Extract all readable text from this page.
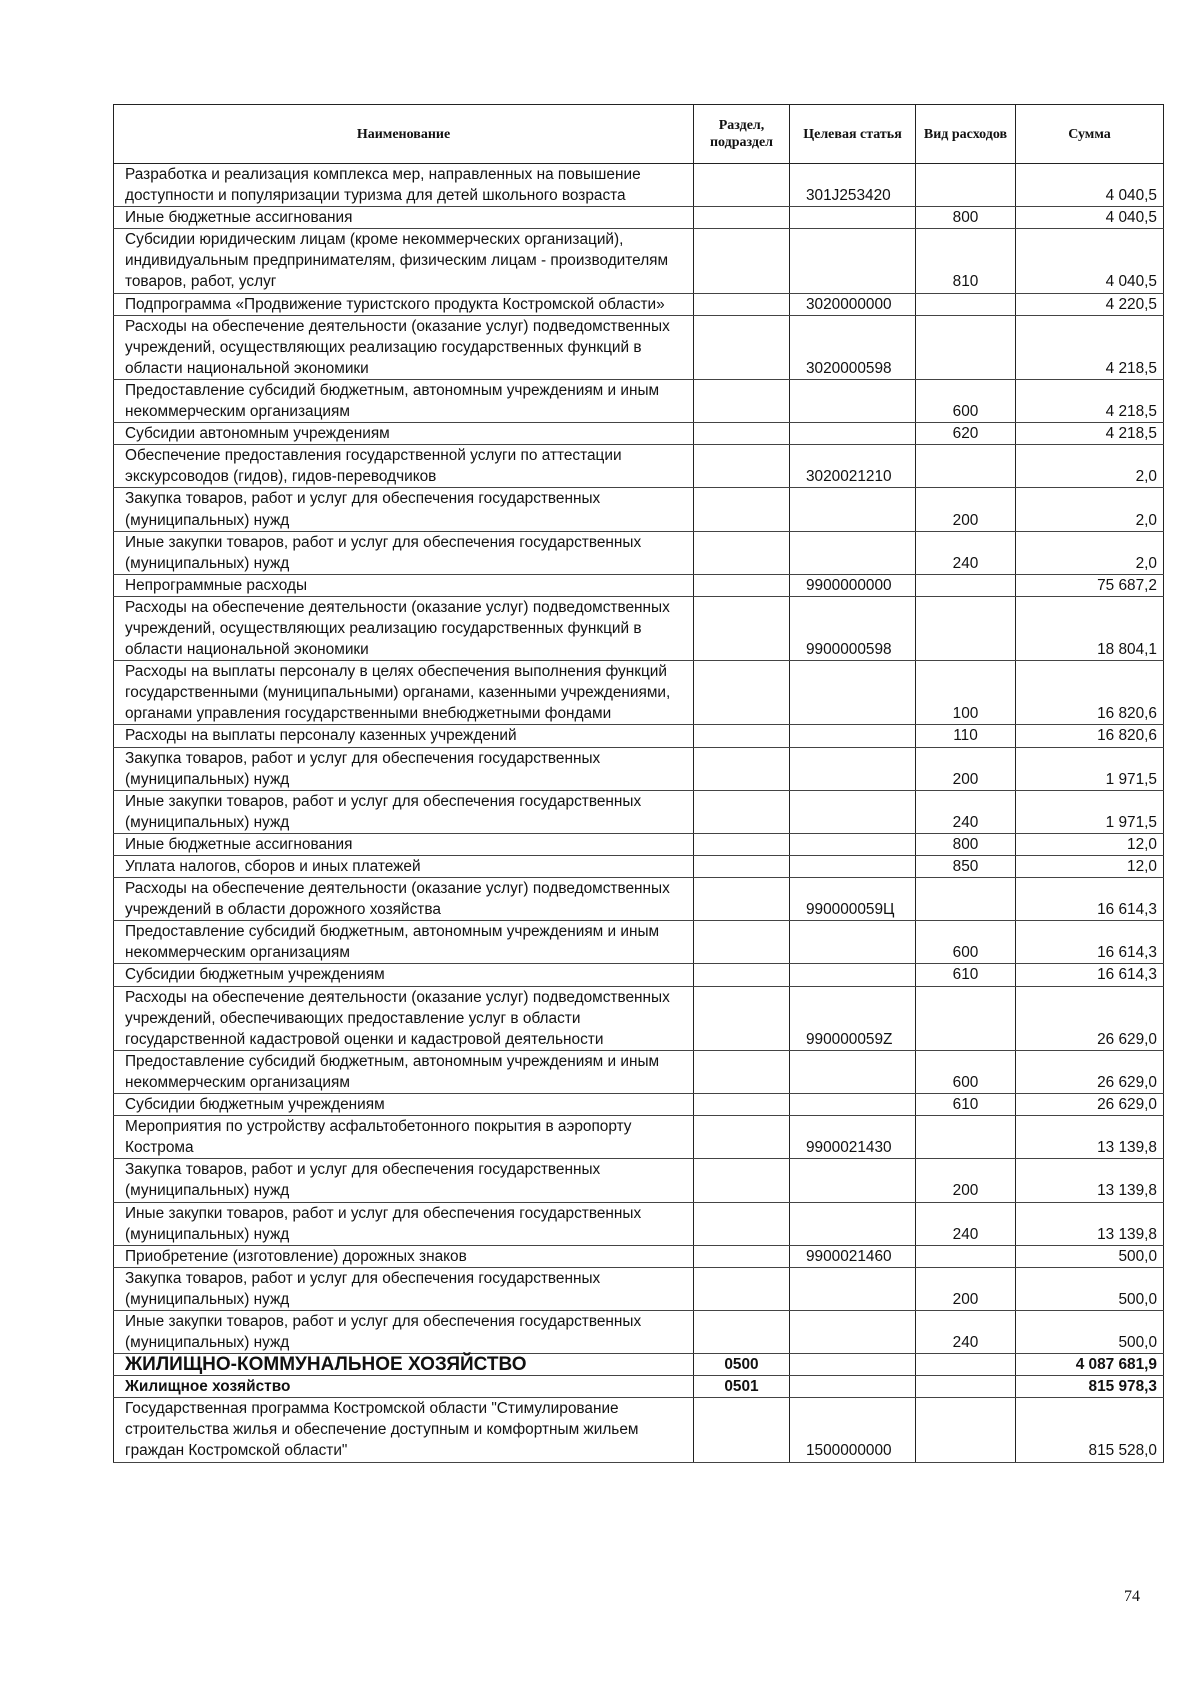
Наименование	Раздел, подраздел	Целевая статья	Вид расходов	Сумма
Разработка и реализация комплекса мер, направленных на повышение доступности и популяризации туризма для детей школьного возраста		301J253420		4 040,5
Иные бюджетные ассигнования			800	4 040,5
Субсидии юридическим лицам (кроме некоммерческих организаций), индивидуальным предпринимателям, физическим лицам - производителям товаров, работ, услуг			810	4 040,5
Подпрограмма «Продвижение туристского продукта Костромской области»		3020000000		4 220,5
Расходы на обеспечение деятельности (оказание услуг) подведомственных учреждений, осуществляющих реализацию государственных функций в области национальной экономики		3020000598		4 218,5
Предоставление субсидий бюджетным, автономным учреждениям и иным некоммерческим организациям			600	4 218,5
Субсидии автономным учреждениям			620	4 218,5
Обеспечение предоставления государственной услуги по аттестации экскурсоводов (гидов), гидов-переводчиков		3020021210		2,0
Закупка товаров, работ и услуг для обеспечения государственных (муниципальных) нужд			200	2,0
Иные закупки товаров, работ и услуг для обеспечения государственных (муниципальных) нужд			240	2,0
Непрограммные расходы		9900000000		75 687,2
Расходы на обеспечение деятельности (оказание услуг) подведомственных учреждений, осуществляющих реализацию государственных функций в области национальной экономики		9900000598		18 804,1
Расходы на выплаты персоналу в целях обеспечения выполнения функций государственными (муниципальными) органами, казенными учреждениями, органами управления государственными внебюджетными фондами			100	16 820,6
Расходы на выплаты персоналу казенных учреждений			110	16 820,6
Закупка товаров, работ и услуг для обеспечения государственных (муниципальных) нужд			200	1 971,5
Иные закупки товаров, работ и услуг для обеспечения государственных (муниципальных) нужд			240	1 971,5
Иные бюджетные ассигнования			800	12,0
Уплата налогов, сборов и иных платежей			850	12,0
Расходы на обеспечение деятельности (оказание услуг) подведомственных учреждений в области дорожного хозяйства		990000059Ц		16 614,3
Предоставление субсидий бюджетным, автономным учреждениям и иным некоммерческим организациям			600	16 614,3
Субсидии бюджетным учреждениям			610	16 614,3
Расходы на обеспечение деятельности (оказание услуг) подведомственных учреждений, обеспечивающих предоставление услуг в области государственной кадастровой оценки и кадастровой деятельности		990000059Z		26 629,0
Предоставление субсидий бюджетным, автономным учреждениям и иным некоммерческим организациям			600	26 629,0
Субсидии бюджетным учреждениям			610	26 629,0
Мероприятия по устройству асфальтобетонного покрытия в аэропорту Кострома		9900021430		13 139,8
Закупка товаров, работ и услуг для обеспечения государственных (муниципальных) нужд			200	13 139,8
Иные закупки товаров, работ и услуг для обеспечения государственных (муниципальных) нужд			240	13 139,8
Приобретение (изготовление) дорожных знаков		9900021460		500,0
Закупка товаров, работ и услуг для обеспечения государственных (муниципальных) нужд			200	500,0
Иные закупки товаров, работ и услуг для обеспечения государственных (муниципальных) нужд			240	500,0
ЖИЛИЩНО-КОММУНАЛЬНОЕ ХОЗЯЙСТВО	0500			4 087 681,9
Жилищное хозяйство	0501			815 978,3
Государственная программа Костромской области "Стимулирование строительства жилья и обеспечение доступным и комфортным жильем граждан Костромской области"		1500000000		815 528,0
74
